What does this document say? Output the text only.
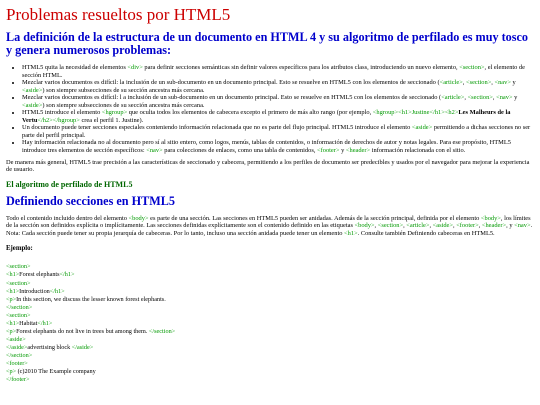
Problemas resueltos por HTML5
La definición de la estructura de un documento en HTML 4 y su algoritmo de perfilado es muy tosco y genera numerosos problemas:
• HTML5 quita la necesidad de elementos <div> para definir secciones semánticas sin definir valores específicos para los atributos class, introduciendo un nuevo elemento, <section>, el elemento de sección HTML.
• Mezclar varios documentos es difícil: la inclusión de un sub-documento en un documento principal. Esto se resuelve en HTML5 con los elementos de seccionado (<article>, <section>, <nav> y <aside>) son siempre subsecciones de su sección ancestra más cercana.
• Mezclar varios documentos es difícil: l a inclusión de un sub-documento en un documento principal. Esto se resuelve en HTML5 con los elementos de seccionado (<article>, <section>, <nav> y <aside>) son siempre subsecciones de su sección ancestra más cercana.
• HTML5 introduce el elemento <hgroup> que oculta todos los elementos de cabecera excepto el primero de más alto rango (por ejemplo, <hgroup><h1>Justine</h1><h2>Les Malheurs de la Vertu</h2></hgroup> crea el perfil 1. Justine).
• Un documento puede tener secciones especiales conteniendo información relacionada que no es parte del flujo principal. HTML5 introduce el elemento <aside> permitiendo a dichas secciones no ser parte del perfil principal.
• Hay información relacionada no al documento pero sí al sitio entero, como logos, menús, tablas de contenidos, o información de derechos de autor y notas legales. Para ese propósito, HTML5 introduce tres elementos de sección específicos: <nav> para colecciones de enlaces, como una tabla de contenidos, <footer> y <header> información relacionada con el sitio.

De manera más general, HTML5 trae precisión a las características de seccionado y cabecera, permitiendo a los perfiles de documento ser predecibles y usados por el navegador para mejorar la experiencia de usuario.

El algoritmo de perfilado de HTML5
Definiendo secciones en HTML5

Todo el contenido incluido dentro del elemento <body> es parte de una sección. Las secciones en HTML5 pueden ser anidadas. Además de la sección principal, definida por el elemento <body>, los límites de la sección son definidos explícita o implícitamente. Las secciones definidas explícitamente son el contenido definido en las etiquetas <body>, <section>, <article>, <aside>, <footer>, <header>, y <nav>. Nota: Cada sección puede tener su propia jerarquía de cabeceras. Por lo tanto, incluso una sección anidada puede tener un elemento <h1>. Consulte también Definiendo cabeceras en HTML5.

Ejemplo:
<section>
<h1>Forest elephants</h1>
<section>
<h1>Introduction</h1>
<p>In this section, we discuss the lesser known forest elephants.
</section>
<section>
<h1>Habitat</h1>
<p>Forest elephants do not live in trees but among them. </section>
<aside>
</aside>advertising block </aside>
</section>
<footer>
<p> (c)2010 The Example company
</footer>
